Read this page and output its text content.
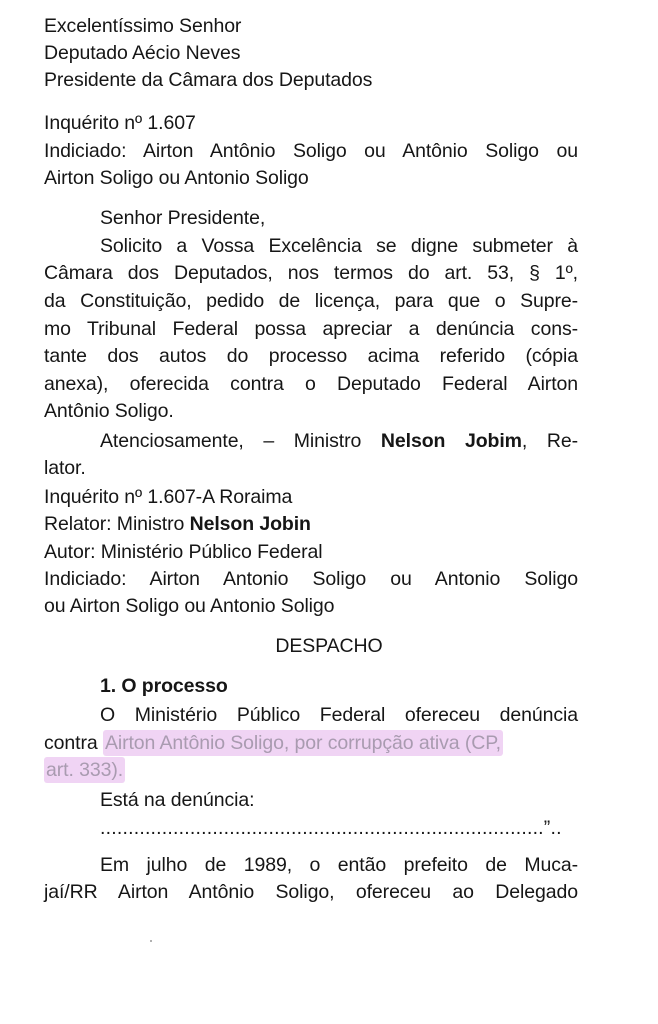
Excelentíssimo Senhor
Deputado Aécio Neves
Presidente da Câmara dos Deputados
Inquérito nº 1.607
Indiciado: Airton Antônio Soligo ou Antônio Soligo ou
Airton Soligo ou Antonio Soligo
Senhor Presidente,
Solicito a Vossa Excelência se digne submeter à
Câmara dos Deputados, nos termos do art. 53, § 1º,
da Constituição, pedido de licença, para que o Supre-
mo Tribunal Federal possa apreciar a denúncia cons-
tante dos autos do processo acima referido (cópia
anexa), oferecida contra o Deputado Federal Airton
Antônio Soligo.
Atenciosamente, – Ministro Nelson Jobim, Re-
lator.
Inquérito nº 1.607-A Roraima
Relator: Ministro Nelson Jobin
Autor: Ministério Público Federal
Indiciado: Airton Antonio Soligo ou Antonio Soligo
ou Airton Soligo ou Antonio Soligo
DESPACHO
1. O processo
O Ministério Público Federal ofereceu denúncia
contra Airton Antônio Soligo, por corrupção ativa (CP,
art. 333).
Está na denúncia:
...............................................................................”..
Em julho de 1989, o então prefeito de Muca-
jaí/RR Airton Antônio Soligo, ofereceu ao Delegado
